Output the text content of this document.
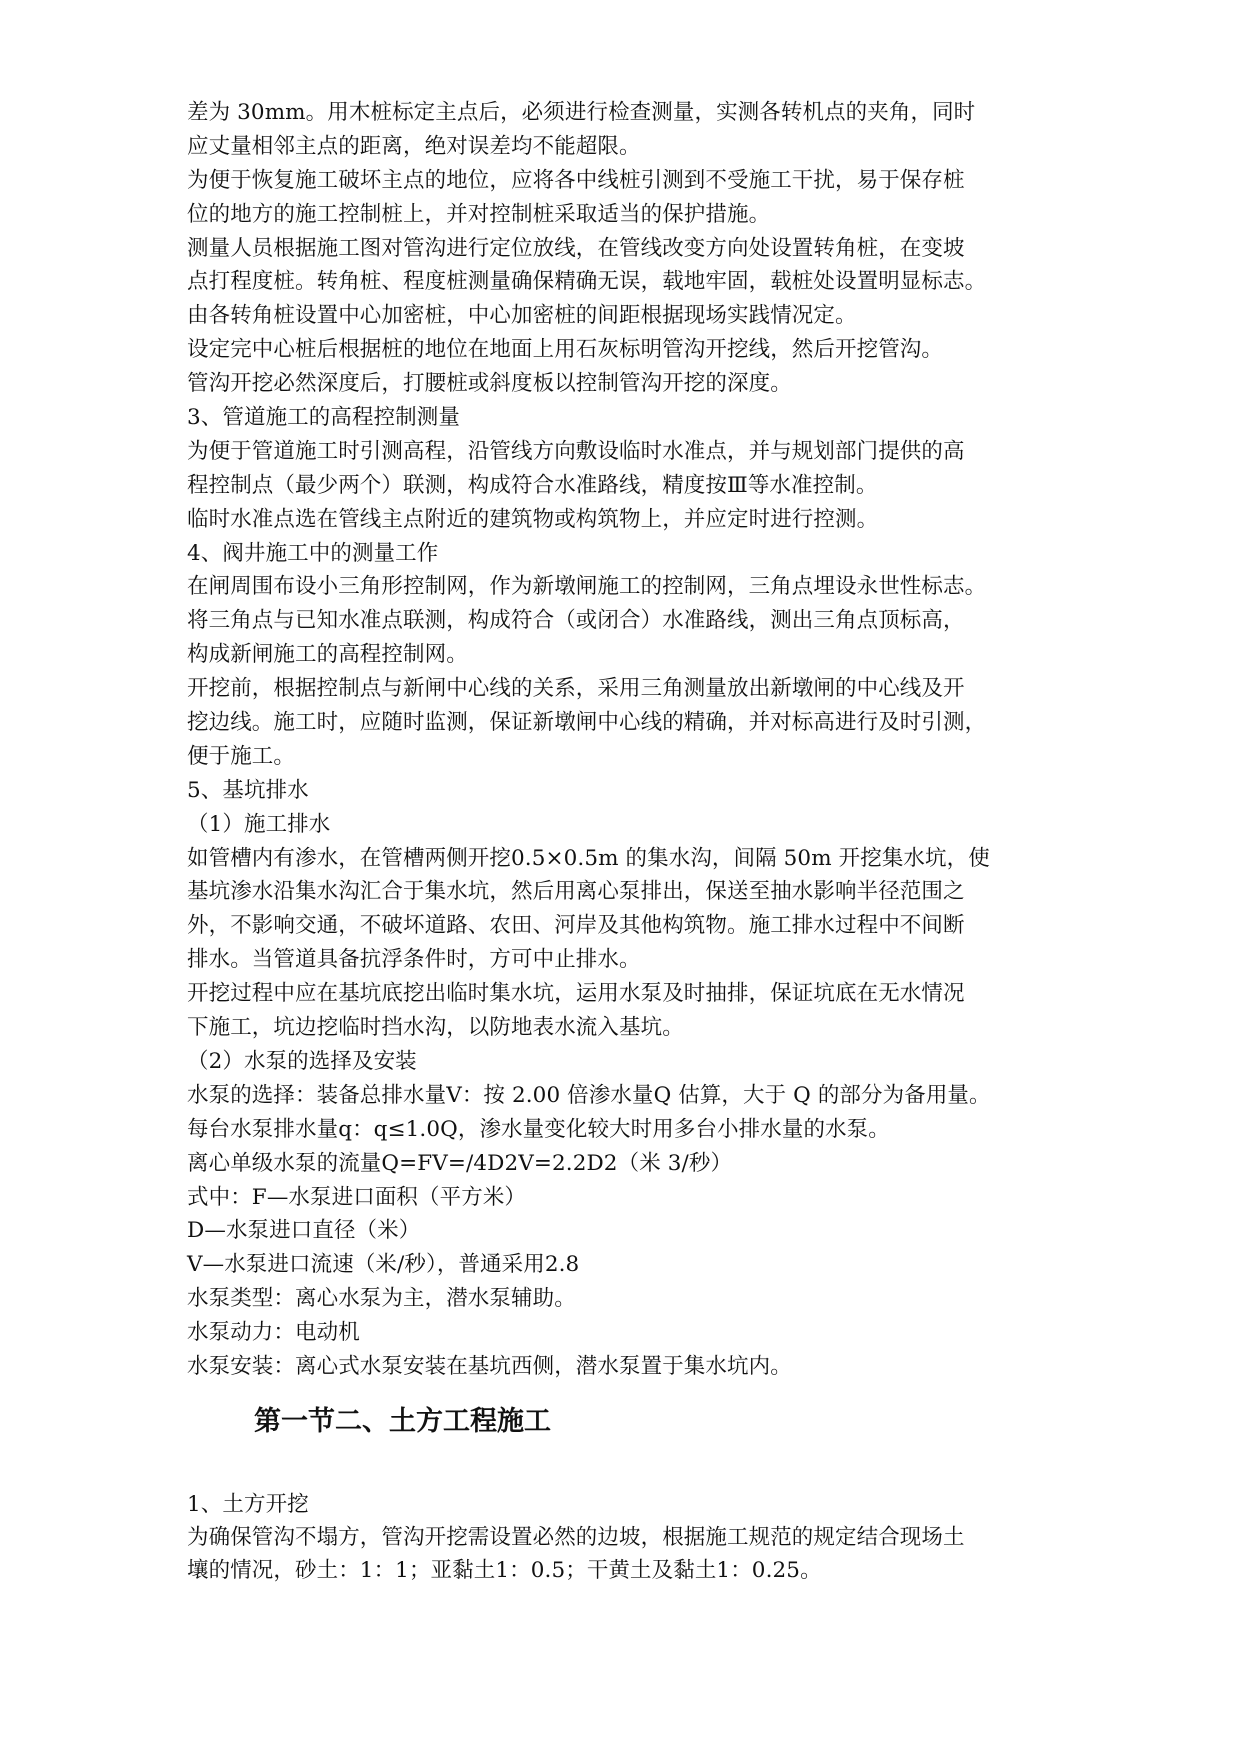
差为 30mm。用木桩标定主点后，必须进行检查测量，实测各转机点的夹角，同时
应丈量相邻主点的距离，绝对误差均不能超限。
为便于恢复施工破坏主点的地位，应将各中线桩引测到不受施工干扰，易于保存桩
位的地方的施工控制桩上，并对控制桩采取适当的保护措施。
测量人员根据施工图对管沟进行定位放线，在管线改变方向处设置转角桩，在变坡
点打程度桩。转角桩、程度桩测量确保精确无误，载地牢固，载桩处设置明显标志。
由各转角桩设置中心加密桩，中心加密桩的间距根据现场实践情况定。
设定完中心桩后根据桩的地位在地面上用石灰标明管沟开挖线，然后开挖管沟。
管沟开挖必然深度后，打腰桩或斜度板以控制管沟开挖的深度。
3、管道施工的高程控制测量
为便于管道施工时引测高程，沿管线方向敷设临时水准点，并与规划部门提供的高
程控制点（最少两个）联测，构成符合水准路线，精度按Ⅲ等水准控制。
临时水准点选在管线主点附近的建筑物或构筑物上，并应定时进行控测。
4、阀井施工中的测量工作
在闸周围布设小三角形控制网，作为新墩闸施工的控制网，三角点埋设永世性标志。
将三角点与已知水准点联测，构成符合（或闭合）水准路线，测出三角点顶标高，
构成新闸施工的高程控制网。
开挖前，根据控制点与新闸中心线的关系，采用三角测量放出新墩闸的中心线及开
挖边线。施工时，应随时监测，保证新墩闸中心线的精确，并对标高进行及时引测，
便于施工。
5、基坑排水
（1）施工排水
如管槽内有渗水，在管槽两侧开挖0.5×0.5m 的集水沟，间隔 50m 开挖集水坑，使
基坑渗水沿集水沟汇合于集水坑，然后用离心泵排出，保送至抽水影响半径范围之
外，不影响交通，不破坏道路、农田、河岸及其他构筑物。施工排水过程中不间断
排水。当管道具备抗浮条件时，方可中止排水。
开挖过程中应在基坑底挖出临时集水坑，运用水泵及时抽排，保证坑底在无水情况
下施工，坑边挖临时挡水沟，以防地表水流入基坑。
（2）水泵的选择及安装
水泵的选择：装备总排水量V：按 2.00 倍渗水量Q 估算，大于 Q 的部分为备用量。
每台水泵排水量q：q≤1.0Q，渗水量变化较大时用多台小排水量的水泵。
离心单级水泵的流量Q=FV=/4D2V=2.2D2（米 3/秒）
式中：F—水泵进口面积（平方米）
D—水泵进口直径（米）
V—水泵进口流速（米/秒），普通采用2.8
水泵类型：离心水泵为主，潜水泵辅助。
水泵动力：电动机
水泵安装：离心式水泵安装在基坑西侧，潜水泵置于集水坑内。
第一节二、土方工程施工
1、土方开挖
为确保管沟不塌方，管沟开挖需设置必然的边坡，根据施工规范的规定结合现场土
壤的情况，砂土：1：1；亚黏土1：0.5；干黄土及黏土1：0.25。
